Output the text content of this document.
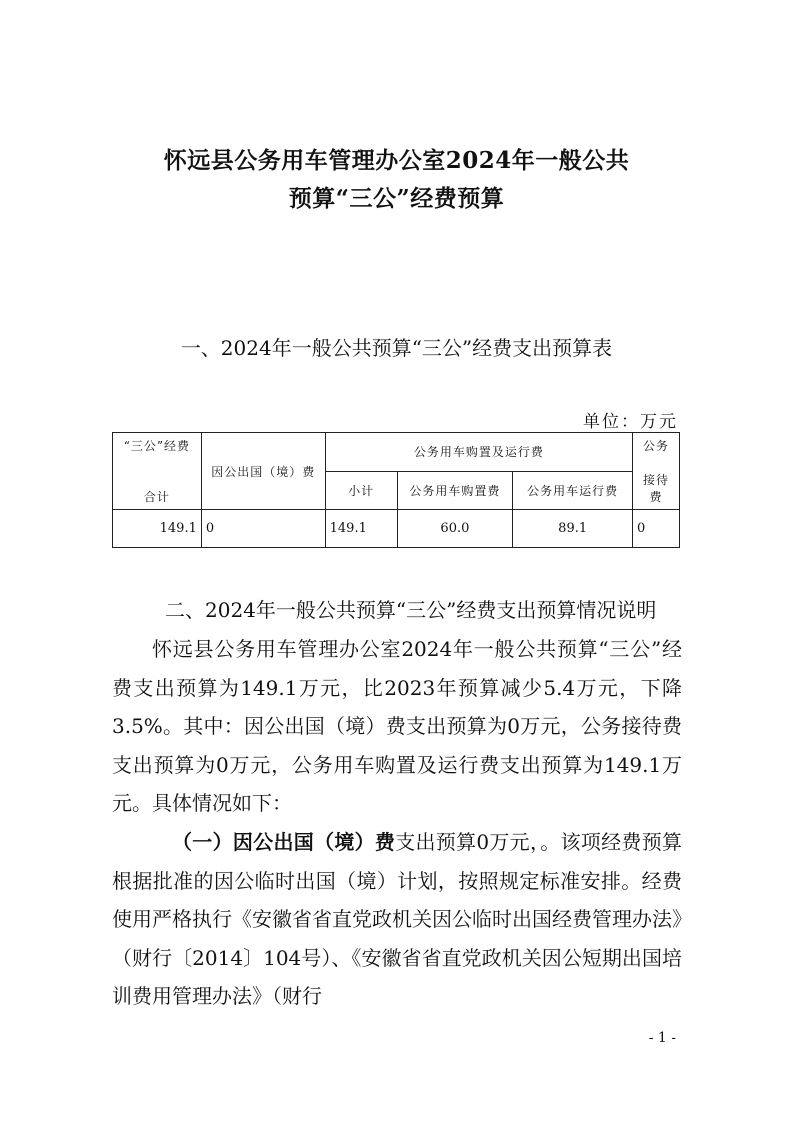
怀远县公务用车管理办公室2024年一般公共
预算“三公”经费预算
一、2024年一般公共预算“三公”经费支出预算表
单位：万元
“三公”经费
合计	因公出国（境）费	公务用车购置及运行费			公务
接待费

		小计	公务用车购置费	公务用车运行费	
149.1	0	149.1	60.0	89.1	0
二、2024年一般公共预算“三公”经费支出预算情况说明
怀远县公务用车管理办公室2024年一般公共预算“三公”经费支出预算为149.1万元，比2023年预算减少5.4万元，下降3.5%。其中：因公出国（境）费支出预算为0万元，公务接待费支出预算为0万元，公务用车购置及运行费支出预算为149.1万元。具体情况如下：
（一）因公出国（境）费支出预算0万元，。该项经费预算根据批准的因公临时出国（境）计划，按照规定标准安排。经费使用严格执行《安徽省省直党政机关因公临时出国经费管理办法》（财行〔2014〕104号）、《安徽省省直党政机关因公短期出国培训费用管理办法》（财行
- 1 -
